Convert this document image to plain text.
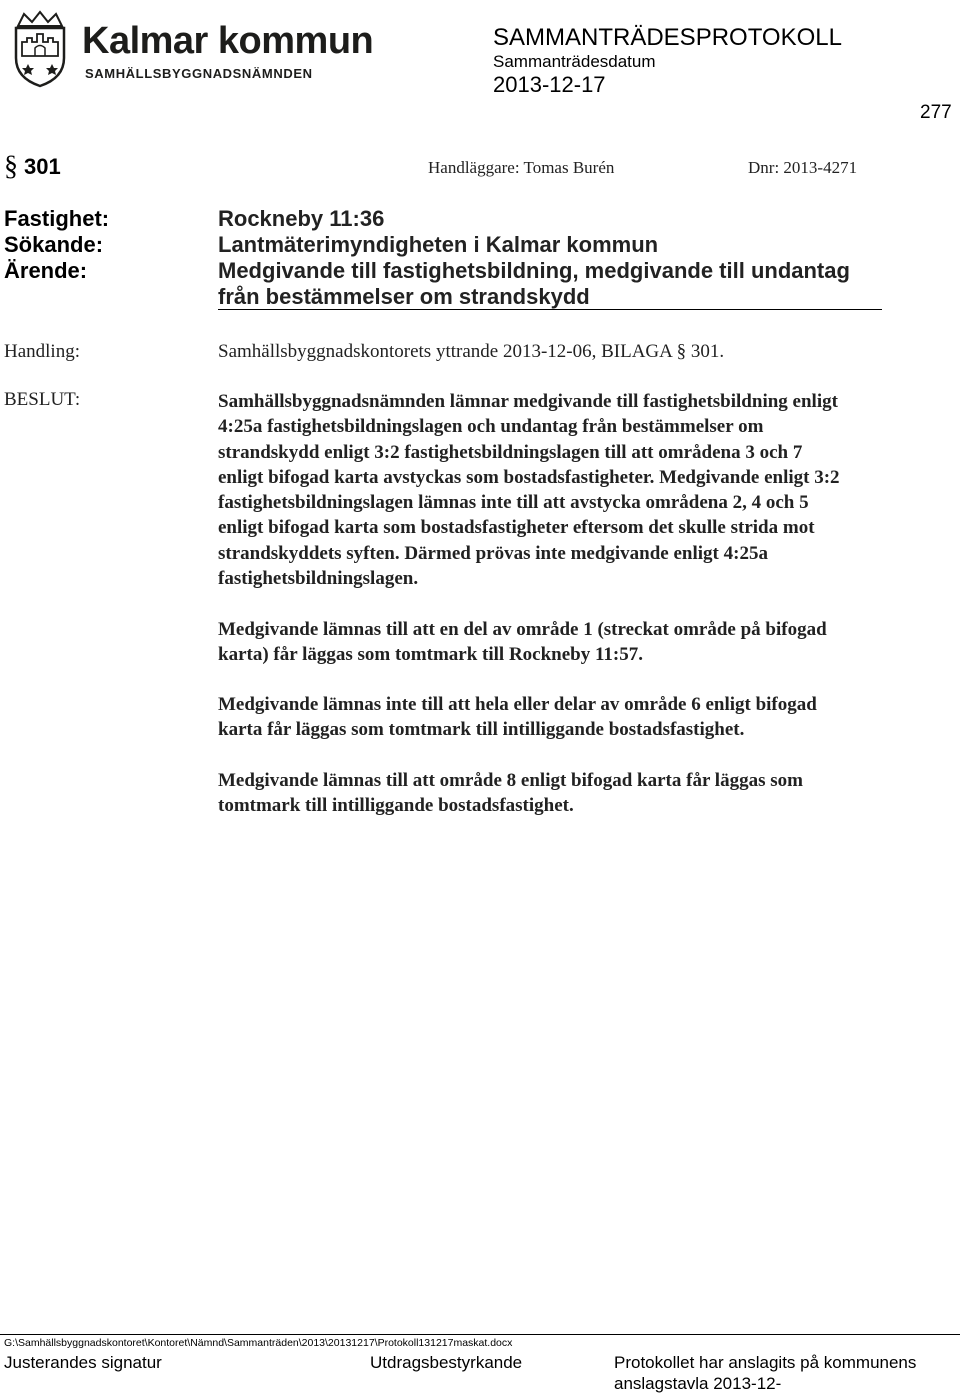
Kalmar kommun
SAMHÄLLSBYGGNADSNÄMNDEN
SAMMANTRÄDESPROTOKOLL
Sammanträdesdatum
2013-12-17
277
§ 301	Handläggare: Tomas Burén	Dnr: 2013-4271
Fastighet:	Rockneby 11:36
Sökande:	Lantmäterimyndigheten i Kalmar kommun
Ärende:	Medgivande till fastighetsbildning, medgivande till undantag
från bestämmelser om strandskydd
Handling:	Samhällsbyggnadskontorets yttrande 2013-12-06, BILAGA § 301.
BESLUT:	Samhällsbyggnadsnämnden lämnar medgivande till fastighetsbildning enligt
4:25a fastighetsbildningslagen och undantag från bestämmelser om
strandskydd enligt 3:2 fastighetsbildningslagen till att områdena 3 och 7
enligt bifogad karta avstyckas som bostadsfastigheter. Medgivande enligt 3:2
fastighetsbildningslagen lämnas inte till att avstycka områdena 2, 4 och 5
enligt bifogad karta som bostadsfastigheter eftersom det skulle strida mot
strandskyddets syften. Därmed prövas inte medgivande enligt 4:25a
fastighetsbildningslagen.
Medgivande lämnas till att en del av område 1 (streckat område på bifogad
karta) får läggas som tomtmark till Rockneby 11:57.
Medgivande lämnas inte till att hela eller delar av område 6 enligt bifogad
karta får läggas som tomtmark till intilliggande bostadsfastighet.
Medgivande lämnas till att område 8 enligt bifogad karta får läggas som
tomtmark till intilliggande bostadsfastighet.
G:\Samhällsbyggnadskontoret\Kontoret\Nämnd\Sammanträden\2013\20131217\Protokoll131217maskat.docx
Justerandes signatur	Utdragsbestyrkande	Protokollet har anslagits på kommunens
anslagstavla 2013-12-
